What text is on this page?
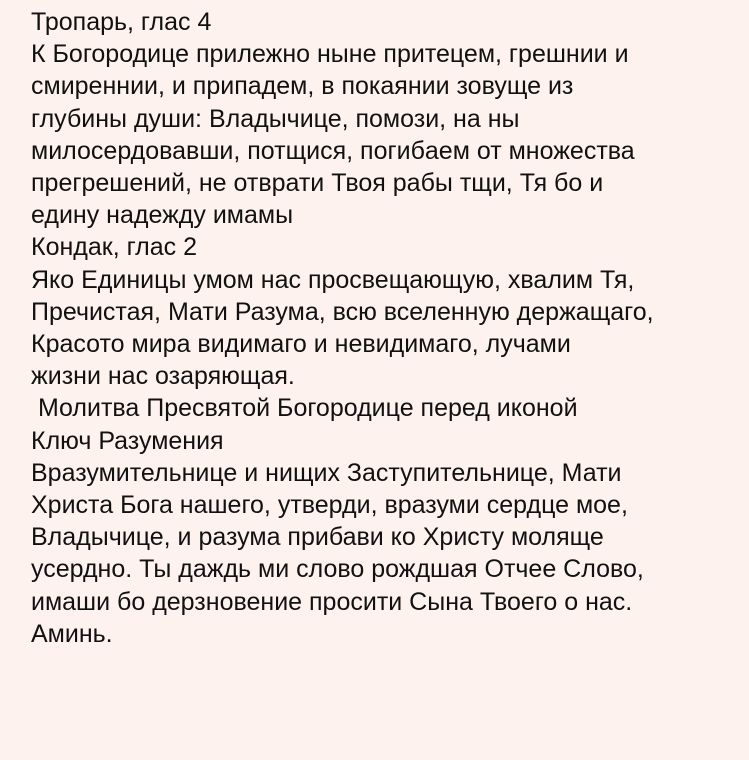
Тропарь, глас 4
К Богородице прилежно ныне притецем, грешнии и
смиреннии, и припадем, в покаянии зовуще из
глубины души: Владычице, помози, на ны
милосердовавши, потщися, погибaем от множества
прегрешений, не отврати Твоя рабы тщи, Тя бо и
едину надежду имамы
Кондак, глас 2
Яко Единицы умом нас просвещающую, хвалим Тя,
Пречистая, Мати Разума, всю вселенную держащаго,
Красото мира видимаго и невидимаго, лучами
жизни нас озаряющая.
Молитва Пресвятой Богородице перед иконой
Ключ Разумения
Вразумительнице и нищих Заступительнице, Мати
Христа Бога нашего, утверди, вразуми сердце мое,
Владычице, и разума прибави ко Христу моляще
усердно. Ты даждь ми слово рождшая Отчее Слово,
имаши бо дерзновение просити Сына Твоего о нас.
Аминь.
